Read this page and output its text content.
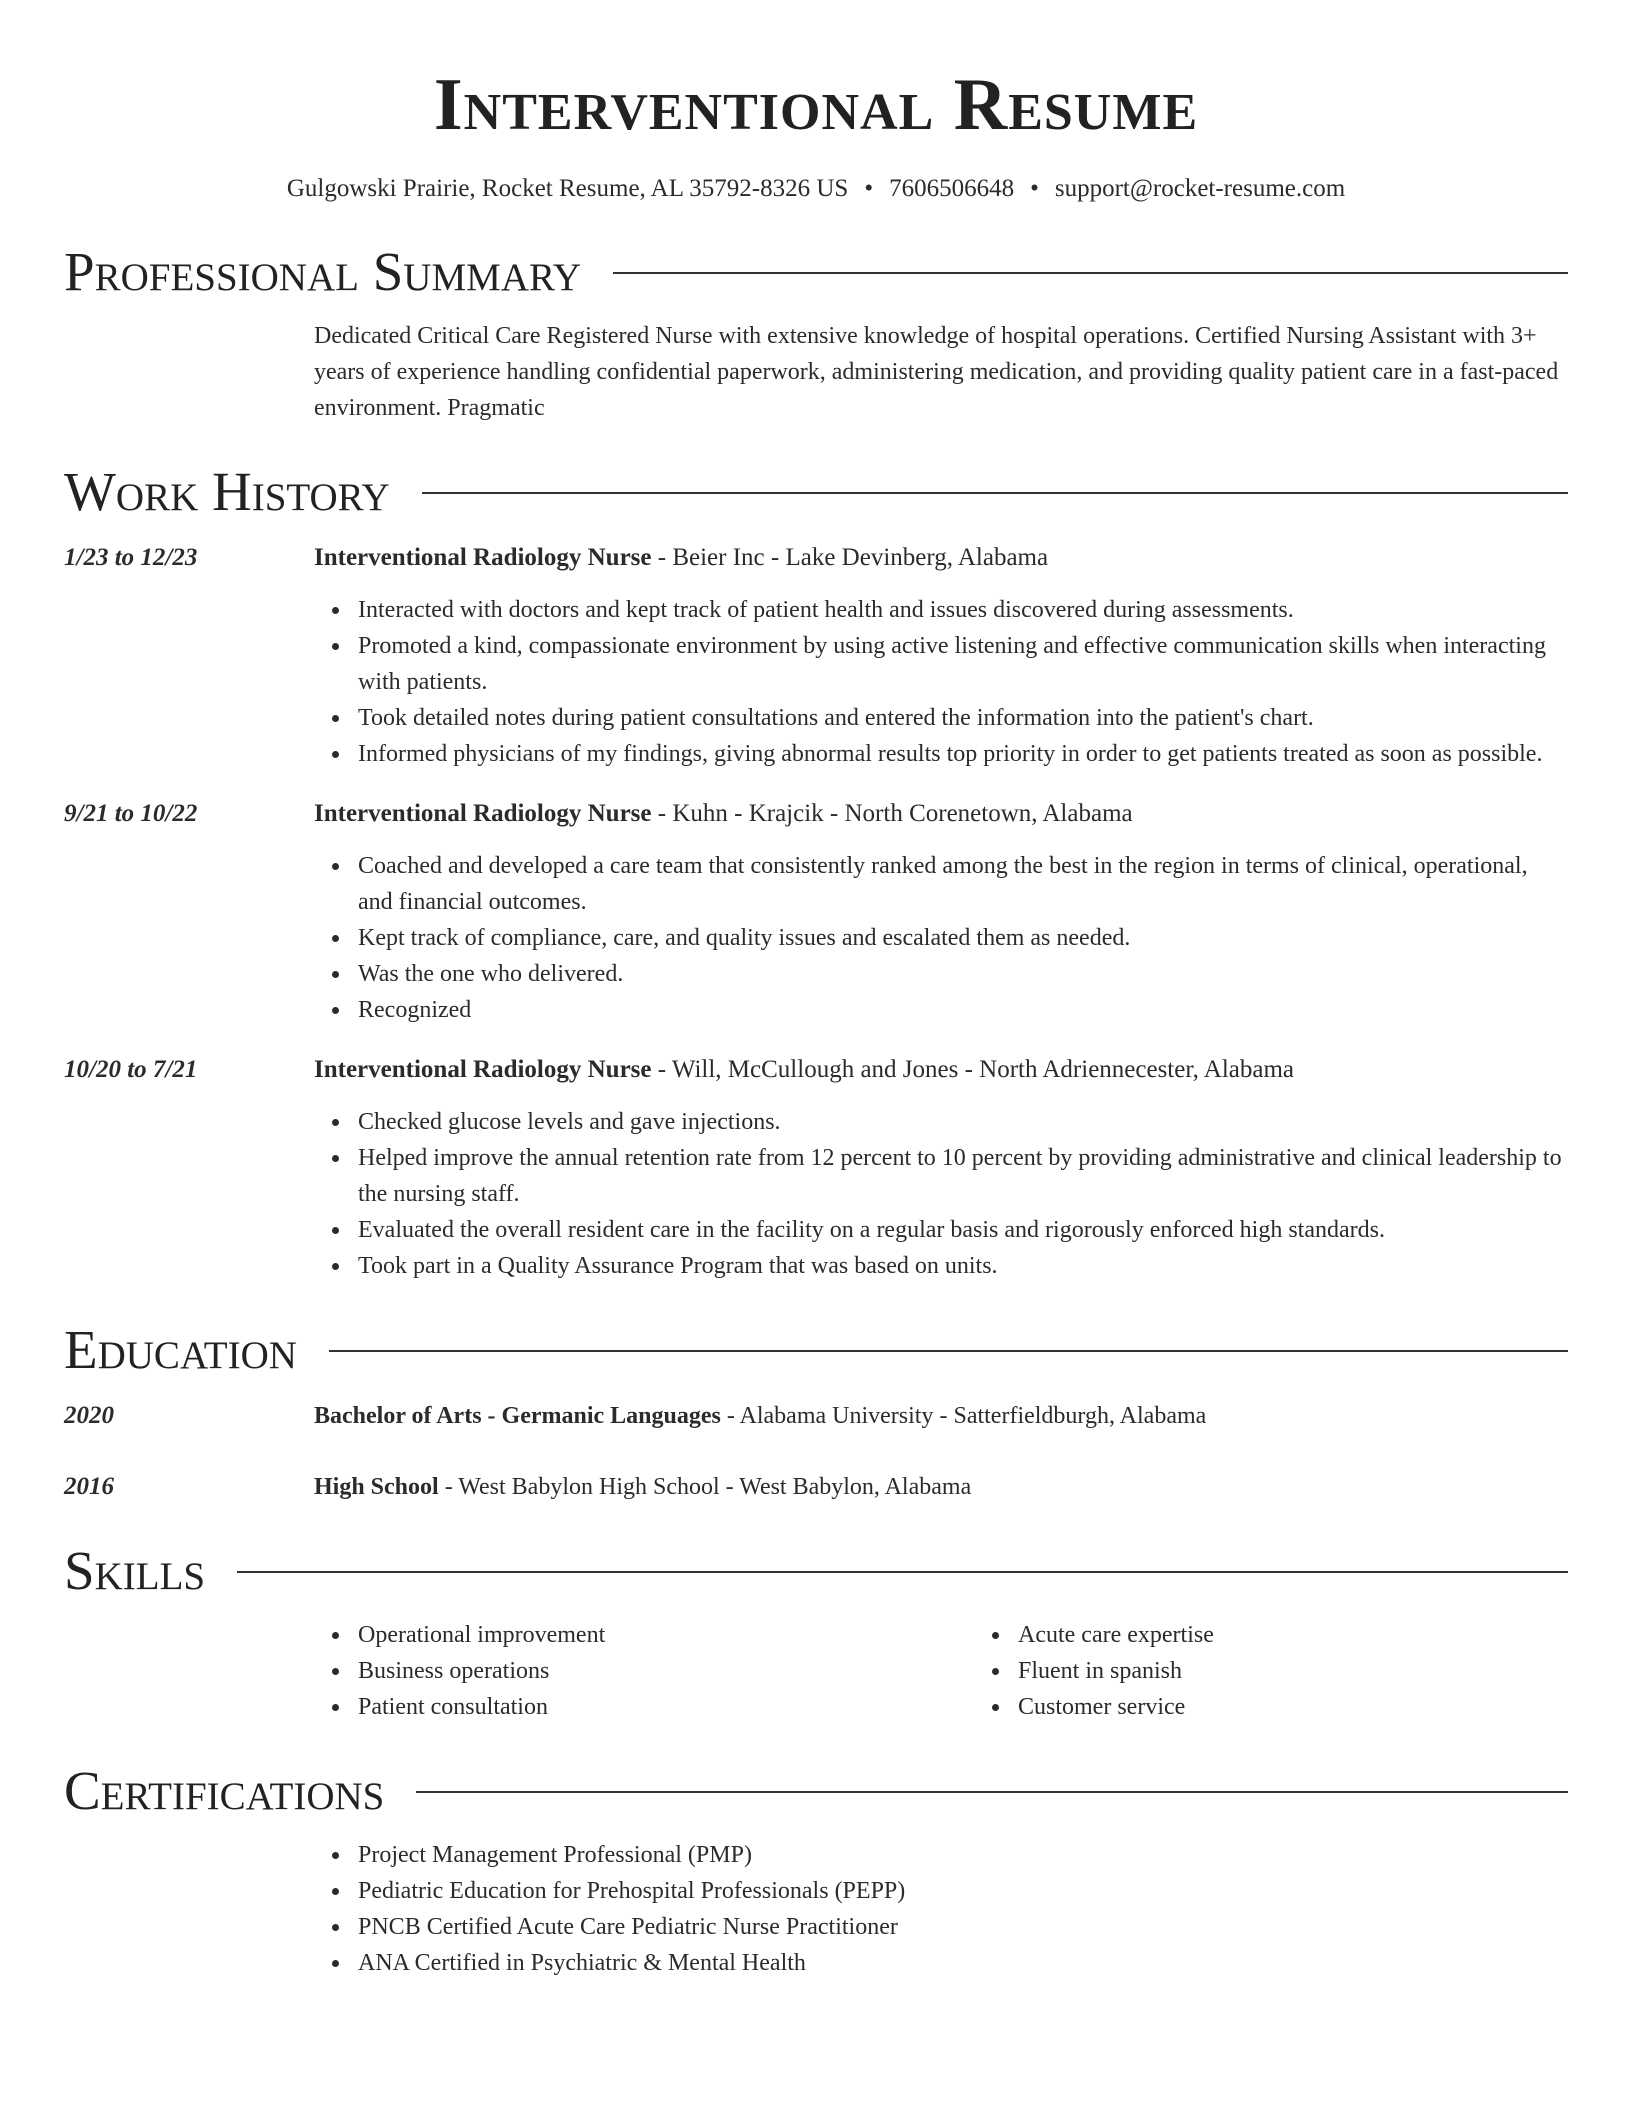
Interventional Resume
Gulgowski Prairie, Rocket Resume, AL 35792-8326 US • 7606506648 • support@rocket-resume.com
Professional Summary
Dedicated Critical Care Registered Nurse with extensive knowledge of hospital operations. Certified Nursing Assistant with 3+ years of experience handling confidential paperwork, administering medication, and providing quality patient care in a fast-paced environment. Pragmatic
Work History
1/23 to 12/23	Interventional Radiology Nurse - Beier Inc - Lake Devinberg, Alabama
Interacted with doctors and kept track of patient health and issues discovered during assessments.
Promoted a kind, compassionate environment by using active listening and effective communication skills when interacting with patients.
Took detailed notes during patient consultations and entered the information into the patient's chart.
Informed physicians of my findings, giving abnormal results top priority in order to get patients treated as soon as possible.
9/21 to 10/22	Interventional Radiology Nurse - Kuhn - Krajcik - North Corenetown, Alabama
Coached and developed a care team that consistently ranked among the best in the region in terms of clinical, operational, and financial outcomes.
Kept track of compliance, care, and quality issues and escalated them as needed.
Was the one who delivered.
Recognized
10/20 to 7/21	Interventional Radiology Nurse - Will, McCullough and Jones - North Adriennecester, Alabama
Checked glucose levels and gave injections.
Helped improve the annual retention rate from 12 percent to 10 percent by providing administrative and clinical leadership to the nursing staff.
Evaluated the overall resident care in the facility on a regular basis and rigorously enforced high standards.
Took part in a Quality Assurance Program that was based on units.
Education
2020	Bachelor of Arts - Germanic Languages - Alabama University - Satterfieldburgh, Alabama
2016	High School - West Babylon High School - West Babylon, Alabama
Skills
Operational improvement
Business operations
Patient consultation
Acute care expertise
Fluent in spanish
Customer service
Certifications
Project Management Professional (PMP)
Pediatric Education for Prehospital Professionals (PEPP)
PNCB Certified Acute Care Pediatric Nurse Practitioner
ANA Certified in Psychiatric & Mental Health
